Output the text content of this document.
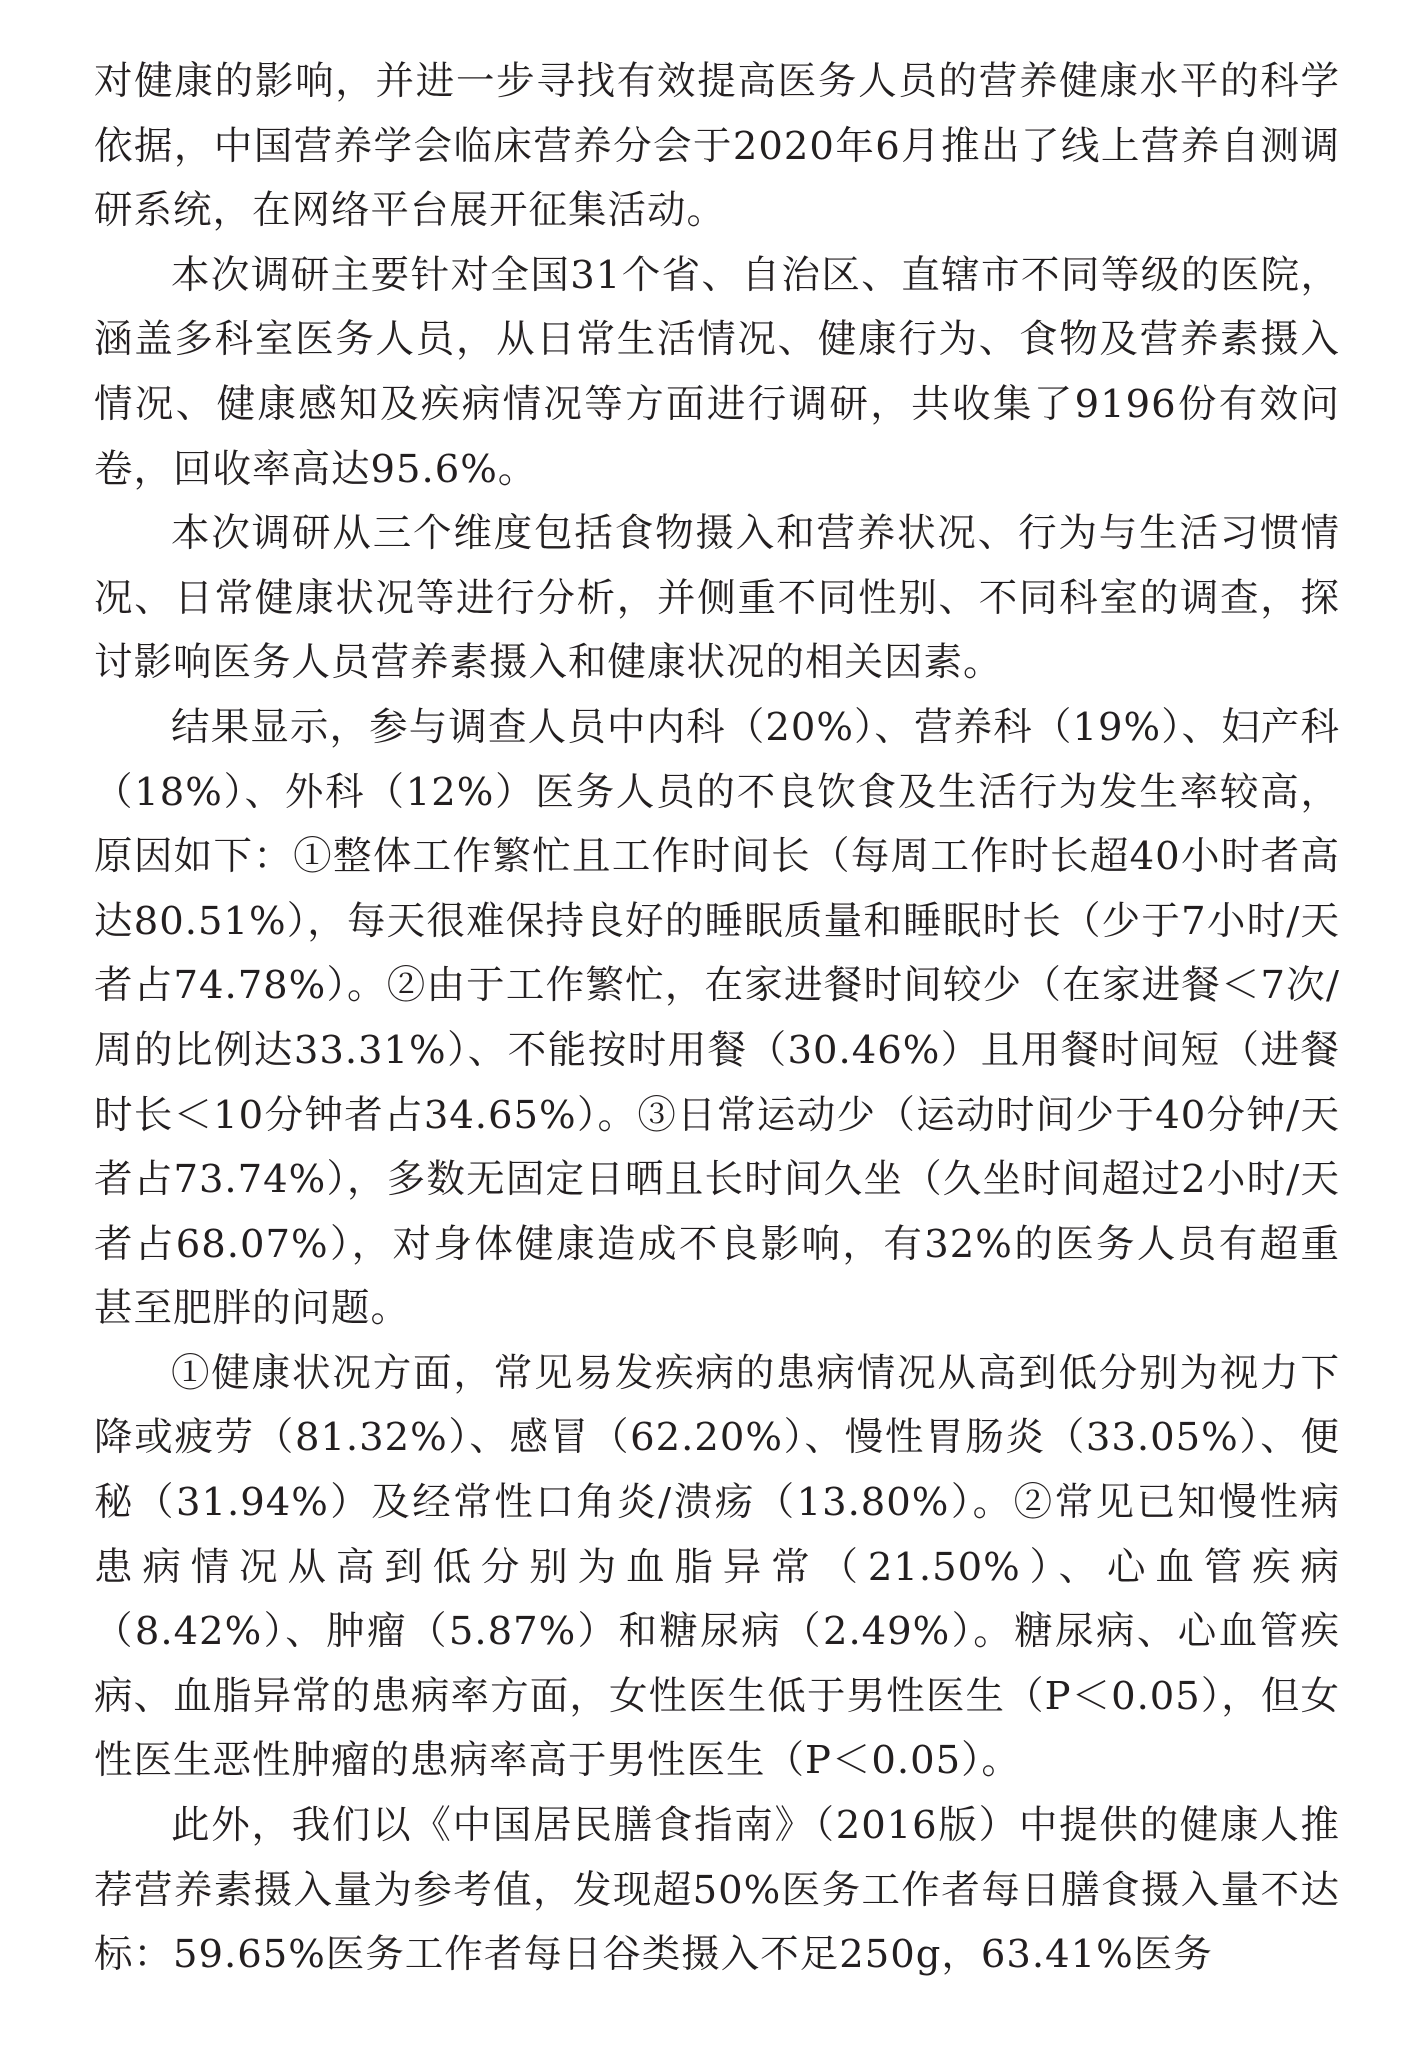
对健康的影响，并进一步寻找有效提高医务人员的营养健康水平的科学依据，中国营养学会临床营养分会于2020年6月推出了线上营养自测调研系统，在网络平台展开征集活动。

本次调研主要针对全国31个省、自治区、直辖市不同等级的医院，涵盖多科室医务人员，从日常生活情况、健康行为、食物及营养素摄入情况、健康感知及疾病情况等方面进行调研，共收集了9196份有效问卷，回收率高达95.6%。

本次调研从三个维度包括食物摄入和营养状况、行为与生活习惯情况、日常健康状况等进行分析，并侧重不同性别、不同科室的调查，探讨影响医务人员营养素摄入和健康状况的相关因素。

结果显示，参与调查人员中内科（20%）、营养科（19%）、妇产科（18%）、外科（12%）医务人员的不良饮食及生活行为发生率较高，原因如下：①整体工作繁忙且工作时间长（每周工作时长超40小时者高达80.51%），每天很难保持良好的睡眠质量和睡眠时长（少于7小时/天者占74.78%）。②由于工作繁忙，在家进餐时间较少（在家进餐＜7次/周的比例达33.31%）、不能按时用餐（30.46%）且用餐时间短（进餐时长＜10分钟者占34.65%）。③日常运动少（运动时间少于40分钟/天者占73.74%），多数无固定日晒且长时间久坐（久坐时间超过2小时/天者占68.07%），对身体健康造成不良影响，有32%的医务人员有超重甚至肥胖的问题。

①健康状况方面，常见易发疾病的患病情况从高到低分别为视力下降或疲劳（81.32%）、感冒（62.20%）、慢性胃肠炎（33.05%）、便秘（31.94%）及经常性口角炎/溃疡（13.80%）。②常见已知慢性病患病情况从高到低分别为血脂异常（21.50%）、心血管疾病（8.42%）、肿瘤（5.87%）和糖尿病（2.49%）。糖尿病、心血管疾病、血脂异常的患病率方面，女性医生低于男性医生（P＜0.05），但女性医生恶性肿瘤的患病率高于男性医生（P＜0.05）。

此外，我们以《中国居民膳食指南》（2016版）中提供的健康人推荐营养素摄入量为参考值，发现超50%医务工作者每日膳食摄入量不达标：59.65%医务工作者每日谷类摄入不足250g，63.41%医务
